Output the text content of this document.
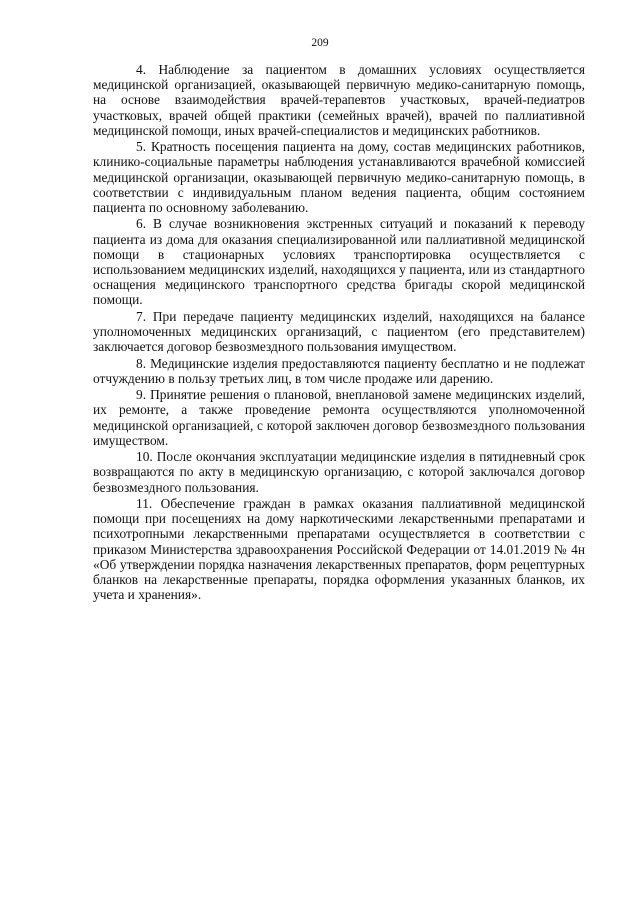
209

4. Наблюдение за пациентом в домашних условиях осуществляется медицинской организацией, оказывающей первичную медико-санитарную помощь, на основе взаимодействия врачей-терапевтов участковых, врачей-педиатров участковых, врачей общей практики (семейных врачей), врачей по паллиативной медицинской помощи, иных врачей-специалистов и медицинских работников.

5. Кратность посещения пациента на дому, состав медицинских работников, клинико-социальные параметры наблюдения устанавливаются врачебной комиссией медицинской организации, оказывающей первичную медико-санитарную помощь, в соответствии с индивидуальным планом ведения пациента, общим состоянием пациента по основному заболеванию.

6. В случае возникновения экстренных ситуаций и показаний к переводу пациента из дома для оказания специализированной или паллиативной медицинской помощи в стационарных условиях транспортировка осуществляется с использованием медицинских изделий, находящихся у пациента, или из стандартного оснащения медицинского транспортного средства бригады скорой медицинской помощи.

7. При передаче пациенту медицинских изделий, находящихся на балансе уполномоченных медицинских организаций, с пациентом (его представителем) заключается договор безвозмездного пользования имуществом.

8. Медицинские изделия предоставляются пациенту бесплатно и не подлежат отчуждению в пользу третьих лиц, в том числе продаже или дарению.

9. Принятие решения о плановой, внеплановой замене медицинских изделий, их ремонте, а также проведение ремонта осуществляются уполномоченной медицинской организацией, с которой заключен договор безвозмездного пользования имуществом.

10. После окончания эксплуатации медицинские изделия в пятидневный срок возвращаются по акту в медицинскую организацию, с которой заключался договор безвозмездного пользования.

11. Обеспечение граждан в рамках оказания паллиативной медицинской помощи при посещениях на дому наркотическими лекарственными препаратами и психотропными лекарственными препаратами осуществляется в соответствии с приказом Министерства здравоохранения Российской Федерации от 14.01.2019 № 4н «Об утверждении порядка назначения лекарственных препаратов, форм рецептурных бланков на лекарственные препараты, порядка оформления указанных бланков, их учета и хранения».
